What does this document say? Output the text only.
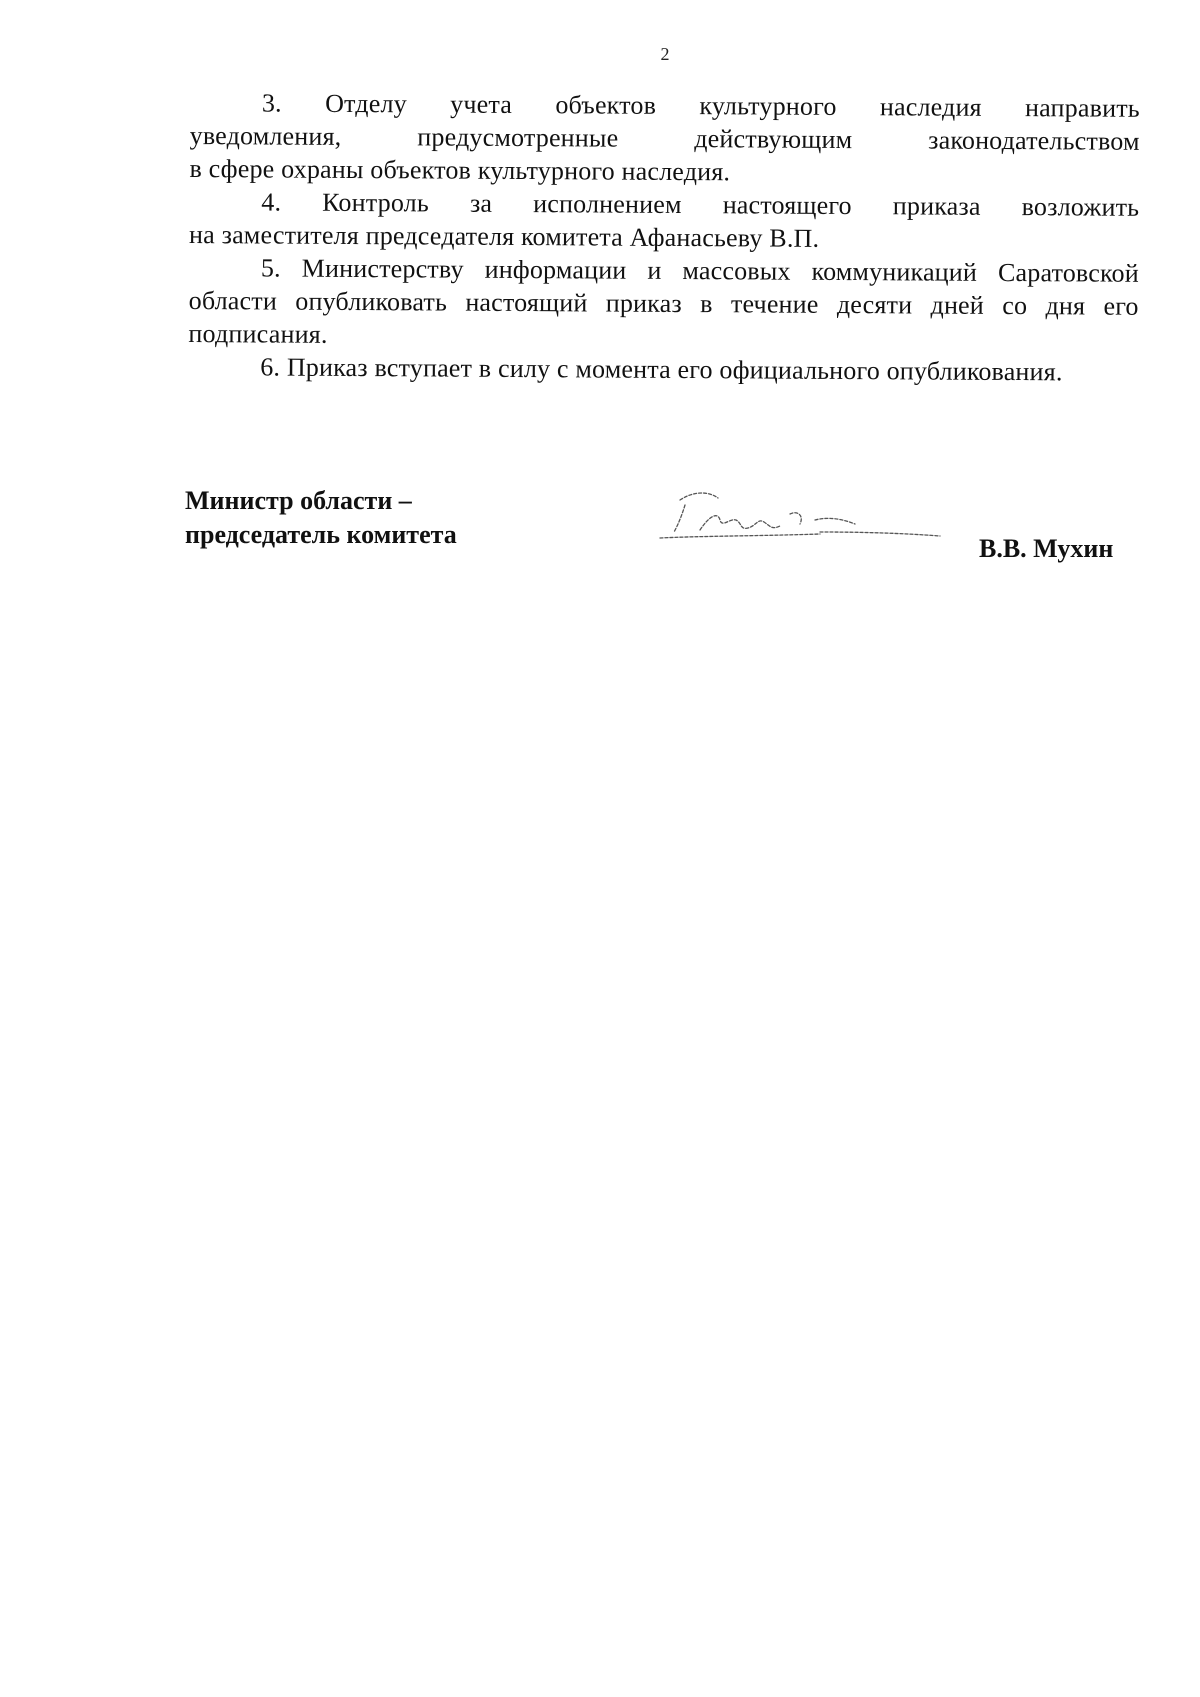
2

3. Отделу учета объектов культурного наследия направить

уведомления, предусмотренные действующим законодательством

в сфере охраны объектов культурного наследия.

4. Контроль за исполнением настоящего приказа возложить

на заместителя председателя комитета Афанасьеву В.П.

5. Министерству информации и массовых коммуникаций Саратовской

области опубликовать настоящий приказ в течение десяти дней со дня его

подписания.

6. Приказ вступает в силу с момента его официального опубликования.

Министр области –
председатель комитета	В.В. Мухин
